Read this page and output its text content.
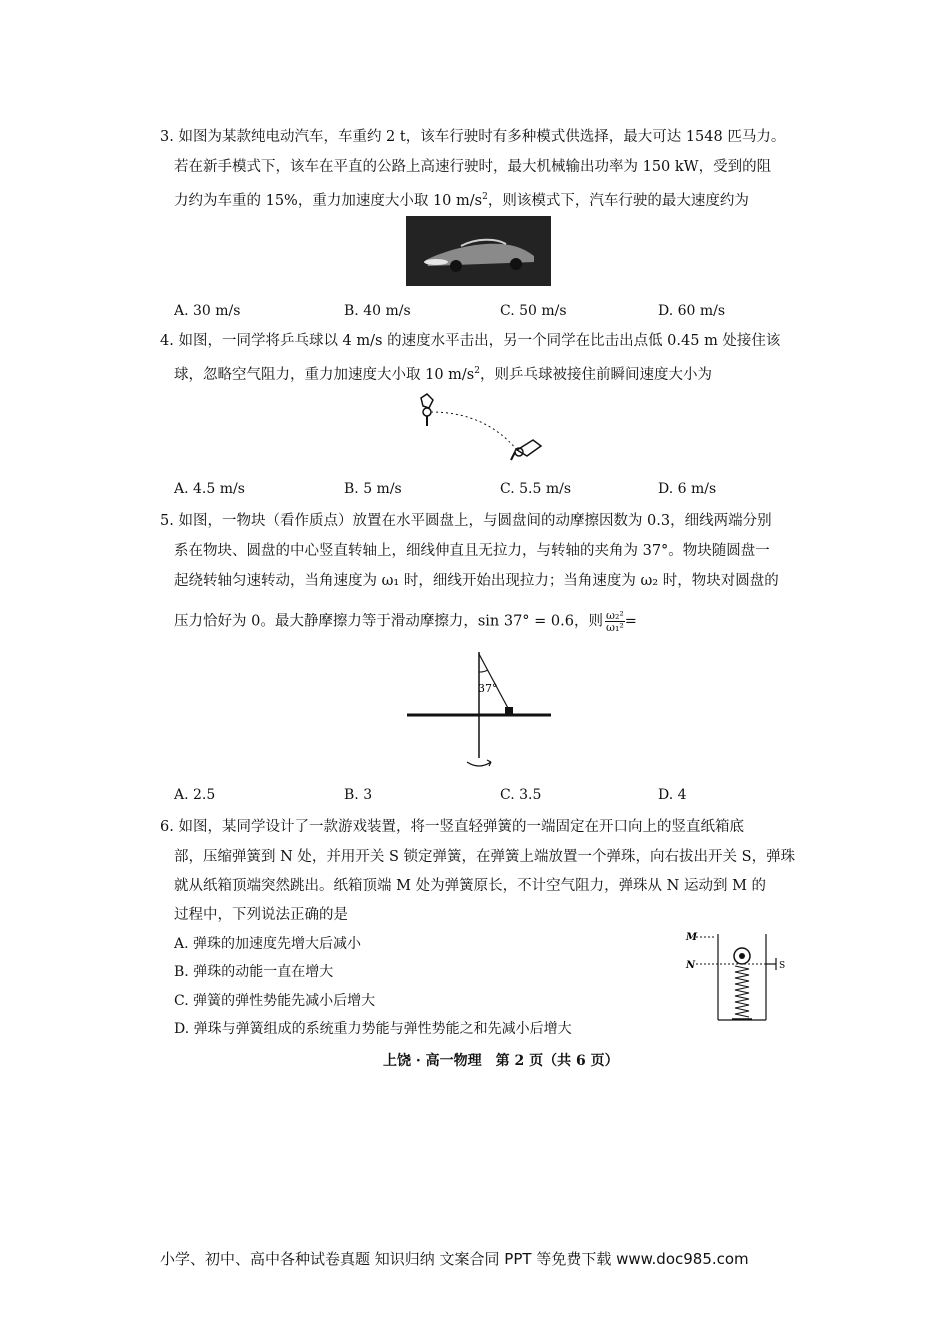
3. 如图为某款纯电动汽车，车重约 2 t，该车行驶时有多种模式供选择，最大可达 1548 匹马力。
若在新手模式下，该车在平直的公路上高速行驶时，最大机械输出功率为 150 kW，受到的阻
力约为车重的 15%，重力加速度大小取 10 $m/s^2$，则该模式下，汽车行驶的最大速度约为
A. 30 m/s	B. 40 m/s	C. 50 m/s	D. 60 m/s
4. 如图，一同学将乒乓球以 4 m/s 的速度水平击出，另一个同学在比击出点低 0.45 m 处接住该
球，忽略空气阻力，重力加速度大小取 10 $m/s^2$，则乒乓球被接住前瞬间速度大小为
A. 4.5 m/s	B. 5 m/s	C. 5.5 m/s	D. 6 m/s
5. 如图，一物块（看作质点）放置在水平圆盘上，与圆盘间的动摩擦因数为 0.3，细线两端分别
系在物块、圆盘的中心竖直转轴上，细线伸直且无拉力，与转轴的夹角为 37°。物块随圆盘一
起绕转轴匀速转动，当角速度为 ω₁ 时，细线开始出现拉力；当角速度为 ω₂ 时，物块对圆盘的
压力恰好为 0。最大静摩擦力等于滑动摩擦力，sin 37° = 0.6，则 $\frac{\text{ω₂²}}{\text{ω₁²}}$ =
37°
A. 2.5	B. 3	C. 3.5	D. 4
6. 如图，某同学设计了一款游戏装置，将一竖直轻弹簧的一端固定在开口向上的竖直纸箱底
部，压缩弹簧到 N 处，并用开关 S 锁定弹簧，在弹簧上端放置一个弹珠，向右拔出开关 S，弹珠
就从纸箱顶端突然跳出。纸箱顶端 M 处为弹簧原长，不计空气阻力，弹珠从 N 运动到 M 的
过程中，下列说法正确的是
A. 弹珠的加速度先增大后减小
B. 弹珠的动能一直在增大
C. 弹簧的弹性势能先减小后增大
D. 弹珠与弹簧组成的系统重力势能与弹性势能之和先减小后增大
M
N	S
上饶 · 高一物理　第 2 页（共 6 页）
小学、初中、高中各种试卷真题 知识归纳 文案合同 PPT 等免费下载 www.doc985.com
